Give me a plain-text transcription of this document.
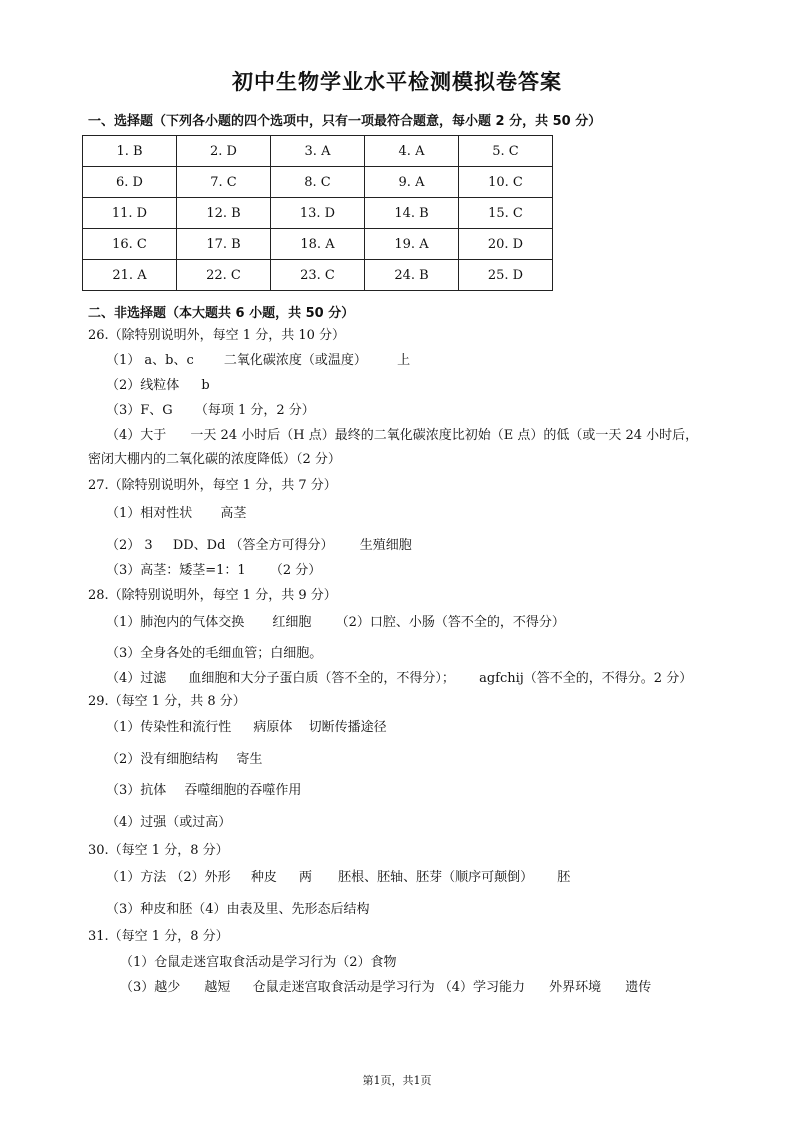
初中生物学业水平检测模拟卷答案
一、选择题（下列各小题的四个选项中，只有一项最符合题意，每小题 2 分，共 50 分）
1. B	2. D	3. A	4. A	5. C
6. D	7. C	8. C	9. A	10. C
11. D	12. B	13. D	14. B	15. C
16. C	17. B	18. A	19. A	20. D
21. A	22. C	23. C	24. B	25. D
二、非选择题（本大题共 6 小题，共 50 分）
26.（除特别说明外，每空 1 分，共 10 分）
（1） a、b、c 二氧化碳浓度（或温度） 上
（2）线粒体 b
（3）F、G （每项 1 分，2 分）
（4）大于 一天 24 小时后（H 点）最终的二氧化碳浓度比初始（E 点）的低（或一天 24 小时后，
密闭大棚内的二氧化碳的浓度降低）（2 分）
27.（除特别说明外，每空 1 分，共 7 分）
（1）相对性状 高茎
（2） 3 DD、Dd （答全方可得分） 生殖细胞
（3）高茎：矮茎=1：1 （2 分）
28.（除特别说明外，每空 1 分，共 9 分）
（1）肺泡内的气体交换 红细胞 （2）口腔、小肠（答不全的，不得分）
（3）全身各处的毛细血管；白细胞。
（4）过滤 血细胞和大分子蛋白质（答不全的，不得分）； agfchij（答不全的，不得分。2 分）
29.（每空 1 分，共 8 分）
（1）传染性和流行性 病原体 切断传播途径
（2）没有细胞结构 寄生
（3）抗体 吞噬细胞的吞噬作用
（4）过强（或过高）
30.（每空 1 分，8 分）
（1）方法 （2）外形 种皮 两 胚根、胚轴、胚芽（顺序可颠倒） 胚
（3）种皮和胚（4）由表及里、先形态后结构
31.（每空 1 分，8 分）
（1）仓鼠走迷宫取食活动是学习行为（2）食物
（3）越少 越短 仓鼠走迷宫取食活动是学习行为 （4）学习能力 外界环境 遗传
第1页，共1页
